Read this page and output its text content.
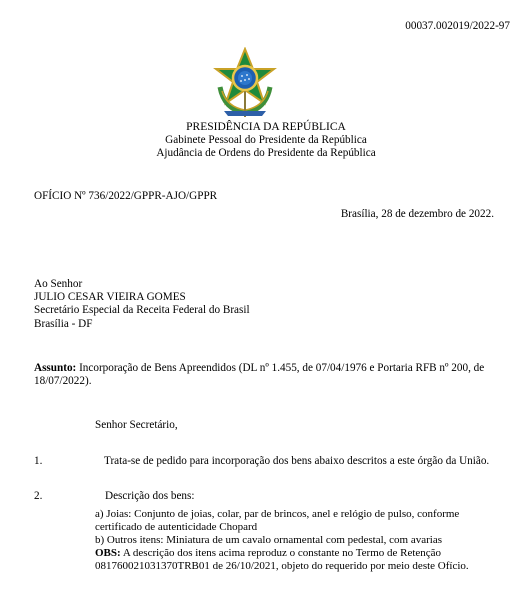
00037.002019/2022-97
PRESIDÊNCIA DA REPÚBLICA
Gabinete Pessoal do Presidente da República
Ajudância de Ordens do Presidente da República
OFÍCIO Nº 736/2022/GPPR-AJO/GPPR
Brasília, 28 de dezembro de 2022.
Ao Senhor
JULIO CESAR VIEIRA GOMES
Secretário Especial da Receita Federal do Brasil
Brasília - DF
Assunto: Incorporação de Bens Apreendidos (DL nº 1.455, de 07/04/1976 e Portaria RFB nº 200, de 18/07/2022).
Senhor Secretário,
Trata-se de pedido para incorporação dos bens abaixo descritos a este órgão da União.
1.
2.	Descrição dos bens:
a) Joias: Conjunto de joias, colar, par de brincos, anel e relógio de pulso, conforme certificado de autenticidade Chopard
b) Outros itens: Miniatura de um cavalo ornamental com pedestal, com avarias
OBS: A descrição dos itens acima reproduz o constante no Termo de Retenção 081760021031370TRB01 de 26/10/2021, objeto do requerido por meio deste Ofício.
